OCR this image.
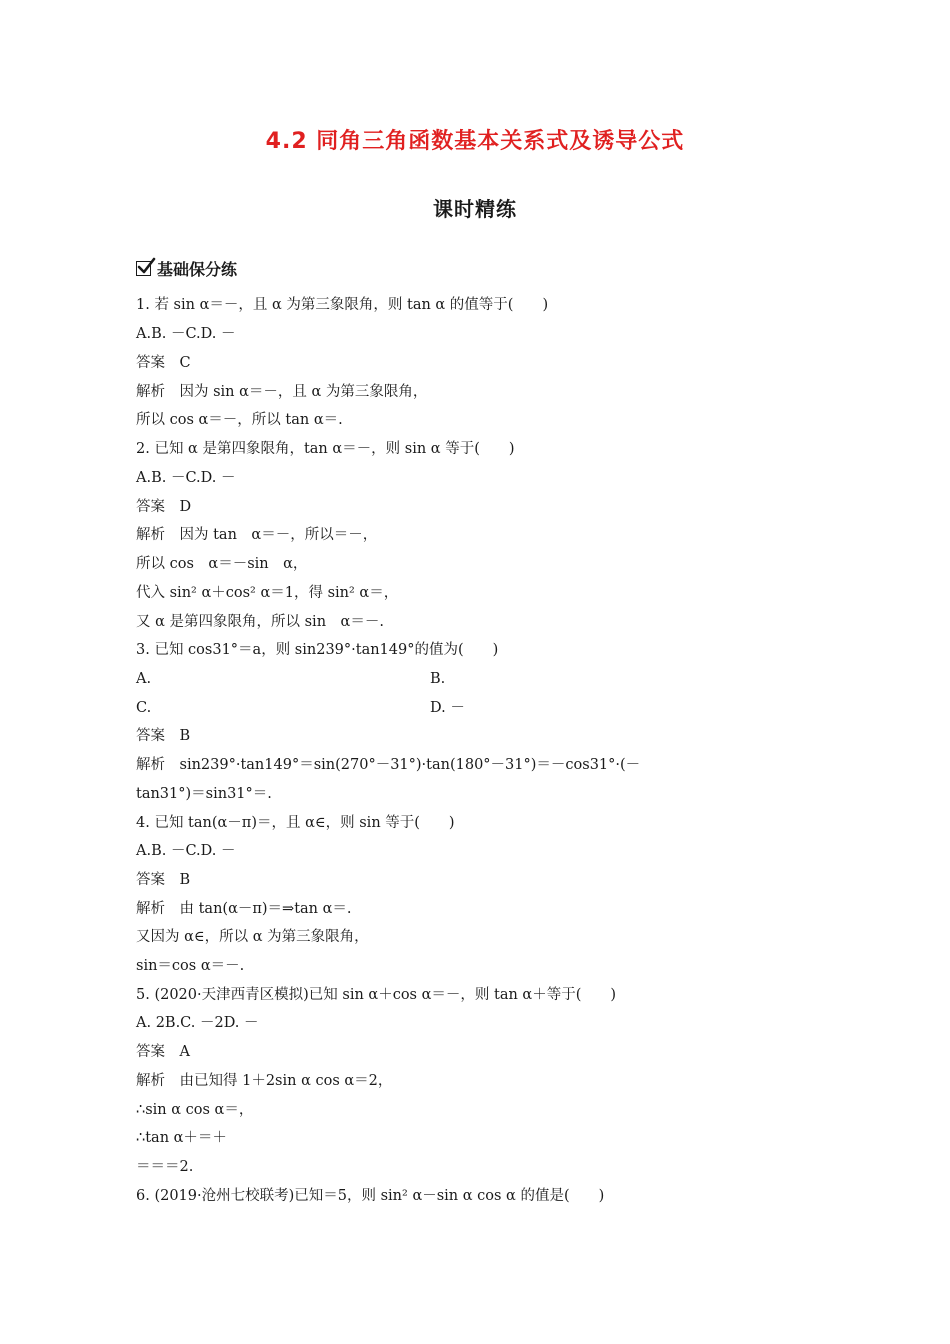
4.2 同角三角函数基本关系式及诱导公式
课时精练
基础保分练
1. 若 sin α＝－，且 α 为第三象限角，则 tan α 的值等于(　　)
A.B. －C.D. －
答案　C
解析　因为 sin α＝－，且 α 为第三象限角，
所以 cos α＝－，所以 tan α＝.
2. 已知 α 是第四象限角，tan α＝－，则 sin α 等于(　　)
A.B. －C.D. －
答案　D
解析　因为 tan　α＝－，所以＝－，
所以 cos　α＝－sin　α，
代入 sin² α＋cos² α＝1，得 sin² α＝，
又 α 是第四象限角，所以 sin　α＝－.
3. 已知 cos31°＝a，则 sin239°·tan149°的值为(　　)
A.	B.
C.	D. －
答案　B
解析　sin239°·tan149°＝sin(270°－31°)·tan(180°－31°)＝－cos31°·(－
tan31°)＝sin31°＝.
4. 已知 tan(α－π)＝，且 α∈，则 sin 等于(　　)
A.B. －C.D. －
答案　B
解析　由 tan(α－π)＝⇒tan α＝.
又因为 α∈，所以 α 为第三象限角，
sin＝cos α＝－.
5. (2020·天津西青区模拟)已知 sin α＋cos α＝－，则 tan α＋等于(　　)
A. 2B.C. －2D. －
答案　A
解析　由已知得 1＋2sin α cos α＝2，
∴sin α cos α＝，
∴tan α＋＝＋
＝＝＝2.
6. (2019·沧州七校联考)已知＝5，则 sin² α－sin α cos α 的值是(　　)
